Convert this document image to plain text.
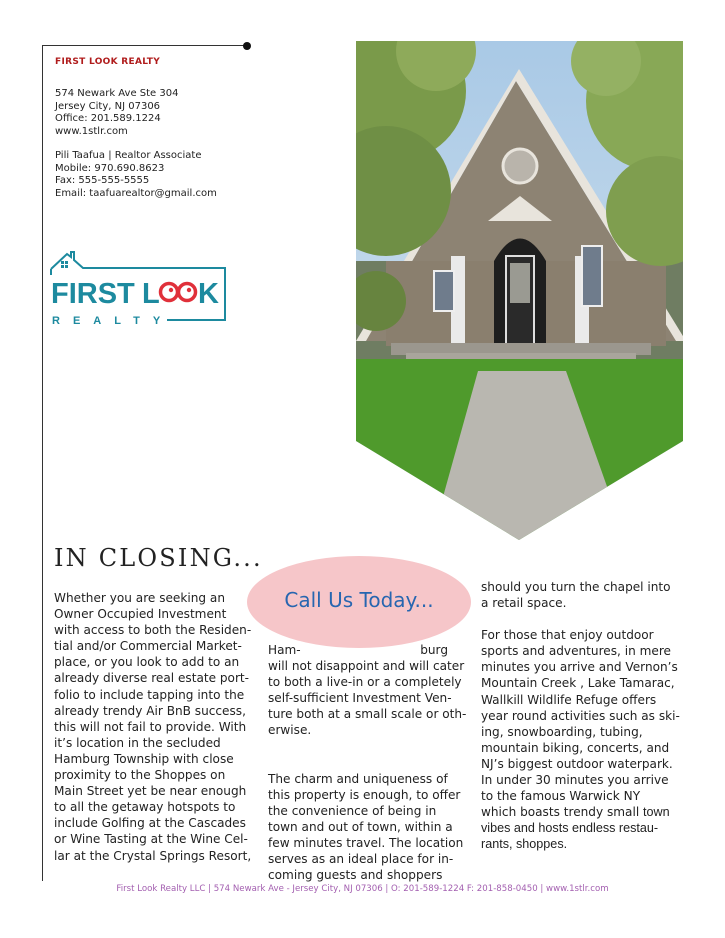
FIRST LOOK REALTY
574 Newark Ave Ste 304
Jersey City, NJ 07306
Office: 201.589.1224
www.1stlr.com
Pili Taafua | Realtor Associate
Mobile: 970.690.8623
Fax: 555-555-5555
Email: taafuarealtor@gmail.com
FIRST L K
REALTY
IN CLOSING...

Whether you are seeking an

Owner Occupied Investment

with access to both the Residen-

tial and/or Commercial Market-

place, or you look to add to an

already diverse real estate port-

folio to include tapping into the

already trendy Air BnB success,

this will not fail to provide. With

it’s location in the secluded

Hamburg Township with close

proximity to the Shoppes on

Main Street yet be near enough

to all the getaway hotspots to

include Golfing at the Cascades

or Wine Tasting at the Wine Cel-

lar at the Crystal Springs Resort,

Call Us Today...
Ham-	burg

will not disappoint and will cater

to both a live-in or a completely

self-sufficient Investment Ven-

ture both at a small scale or oth-

erwise.

The charm and uniqueness of

this property is enough, to offer

the convenience of being in

town and out of town, within a

few minutes travel. The location

serves as an ideal place for in-

coming guests and shoppers

should you turn the chapel into

a retail space.

For those that enjoy outdoor

sports and adventures, in mere

minutes you arrive and Vernon’s

Mountain Creek , Lake Tamarac,

Wallkill Wildlife Refuge offers

year round activities such as ski-

ing, snowboarding, tubing,

mountain biking, concerts, and

NJ’s biggest outdoor waterpark.

In under 30 minutes you arrive

to the famous Warwick NY

which boasts trendy small town

vibes and hosts endless restau-

rants, shoppes.

First Look Realty LLC | 574 Newark Ave - Jersey City, NJ 07306 | O: 201-589-1224 F: 201-858-0450 | www.1stlr.com
